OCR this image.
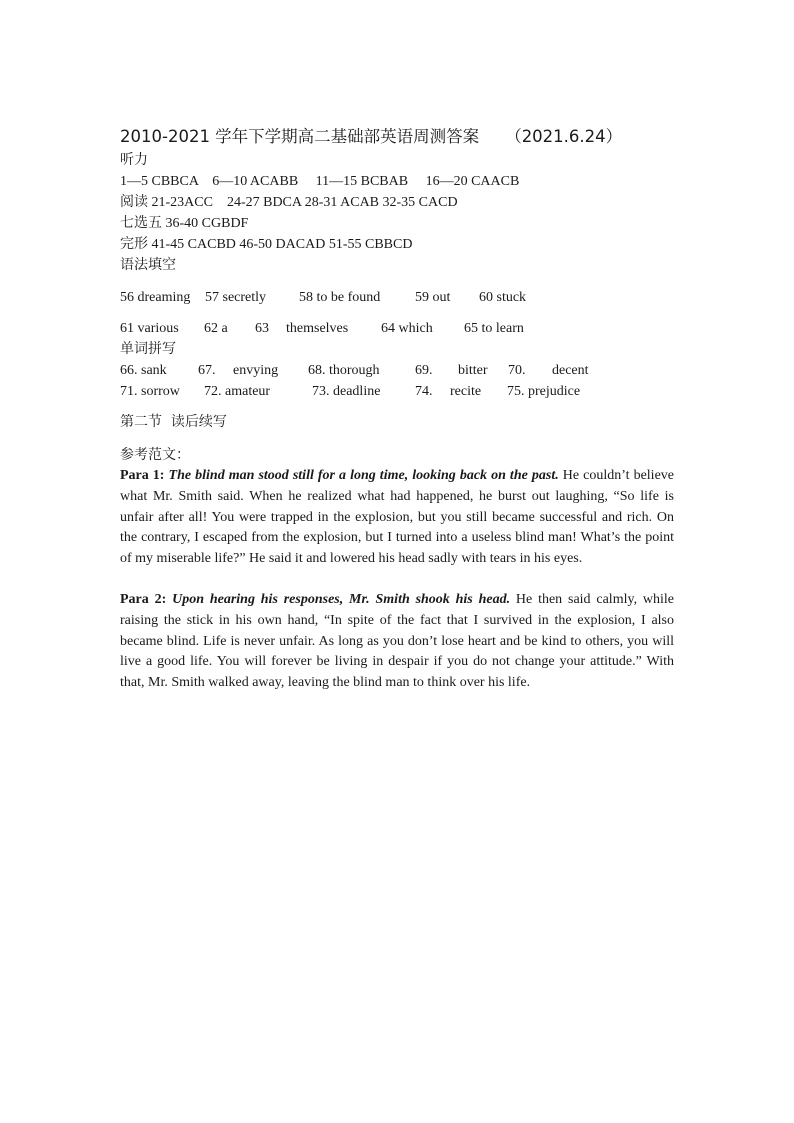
2010-2021 学年下学期高二基础部英语周测答案 （2021.6.24）
听力
1—5 CBBCA    6—10 ACABB     11—15 BCBAB     16—20 CAACB
阅读 21-23ACC    24-27 BDCA 28-31 ACAB 32-35 CACD
七选五 36-40 CGBDF
完形 41-45 CACBD 46-50 DACAD 51-55 CBBCD
语法填空
56 dreaming 57 secretly 58 to be found 59 out 60 stuck
61 various 62 a 63 themselves 64 which 65 to learn
单词拼写
66. sank 67. envying 68. thorough	69. bitter 70. decent
71. sorrow 72. amateur	73. deadline 74. recite 75. prejudice
第二节  读后续写
参考范文：

Para 1: The blind man stood still for a long time, looking back on the past. He couldn’t believe what Mr. Smith said. When he realized what had happened, he burst out laughing, “So life is unfair after all! You were trapped in the explosion, but you still became successful and rich. On the contrary, I escaped from the explosion, but I turned into a useless blind man! What’s the point of my miserable life?” He said it and lowered his head sadly with tears in his eyes.

Para 2: Upon hearing his responses, Mr. Smith shook his head. He then said calmly, while raising the stick in his own hand, “In spite of the fact that I survived in the explosion, I also became blind. Life is never unfair. As long as you don’t lose heart and be kind to others, you will live a good life. You will forever be living in despair if you do not change your attitude.” With that, Mr. Smith walked away, leaving the blind man to think over his life.
